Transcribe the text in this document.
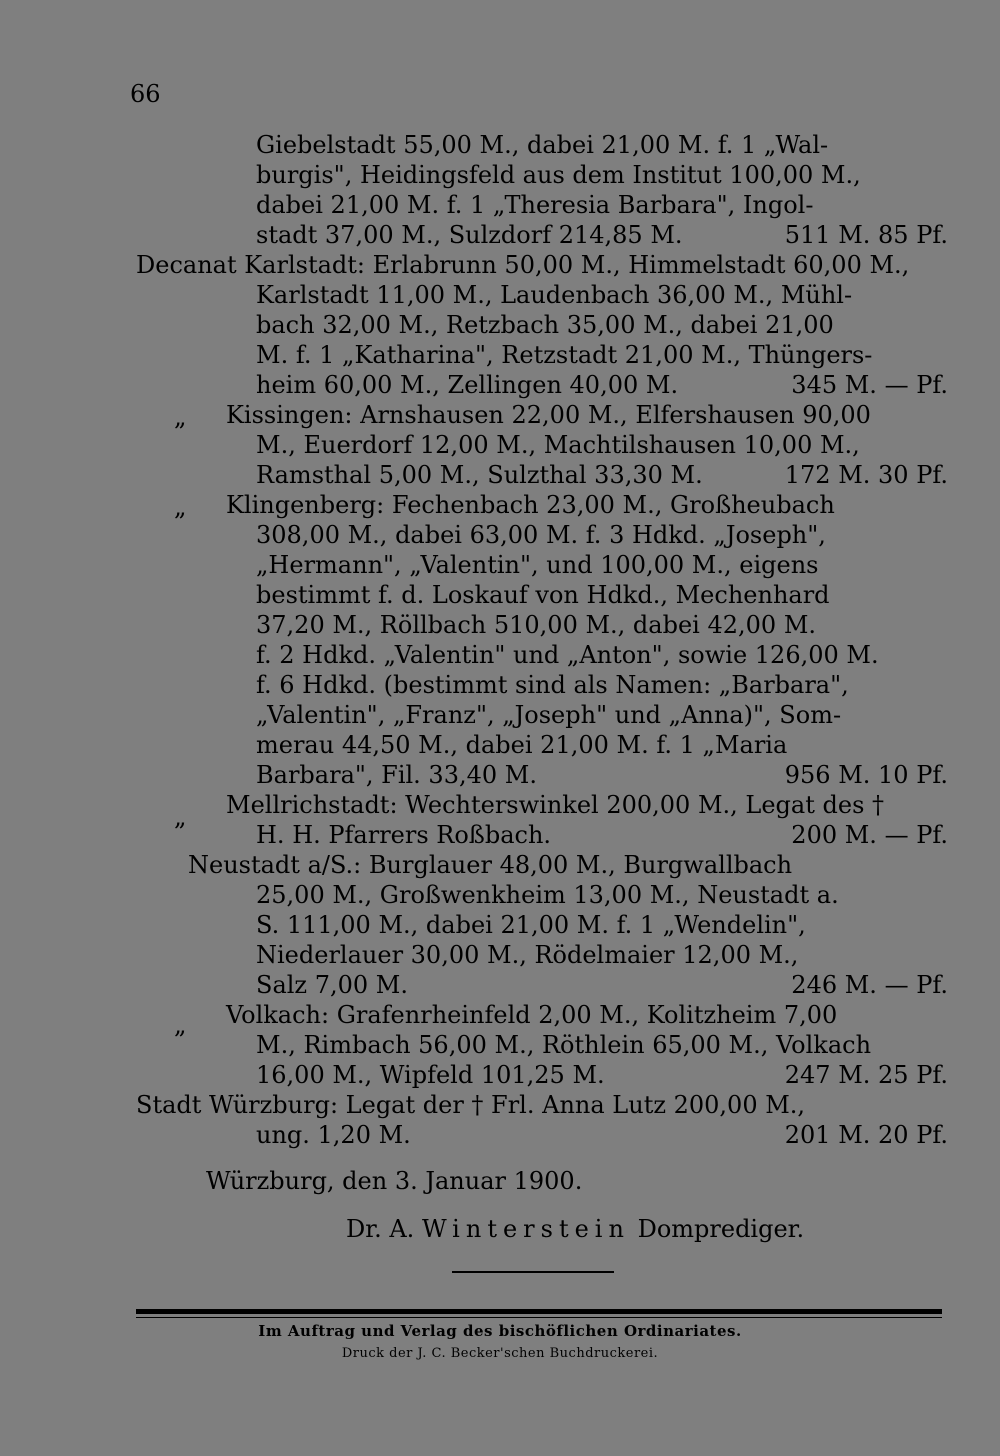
66
Giebelstadt 55,00 M., dabei 21,00 M. f. 1 „Wal-
burgis", Heidingsfeld aus dem Institut 100,00 M.,
dabei 21,00 M. f. 1 „Theresia Barbara", Ingol-
stadt 37,00 M., Sulzdorf 214,85 M.
Decanat Karlstadt: Erlabrunn 50,00 M., Himmelstadt 60,00 M.,
Karlstadt 11,00 M., Laudenbach 36,00 M., Mühl-
bach 32,00 M., Retzbach 35,00 M., dabei 21,00
M. f. 1 „Katharina", Retzstadt 21,00 M., Thüngers-
heim 60,00 M., Zellingen 40,00 M.
„ Kissingen: Arnshausen 22,00 M., Elfershausen 90,00
M., Euerdorf 12,00 M., Machtilshausen 10,00 M.,
Ramsthal 5,00 M., Sulzthal 33,30 M.
„ Klingenberg: Fechenbach 23,00 M., Großheubach
308,00 M., dabei 63,00 M. f. 3 Hdkd. „Joseph",
„Hermann", „Valentin", und 100,00 M., eigens
bestimmt f. d. Loskauf von Hdkd., Mechenhard
37,20 M., Röllbach 510,00 M., dabei 42,00 M.
f. 2 Hdkd. „Valentin" und „Anton", sowie 126,00 M.
f. 6 Hdkd. (bestimmt sind als Namen: „Barbara",
„Valentin", „Franz", „Joseph" und „Anna)", Som-
merau 44,50 M., dabei 21,00 M. f. 1 „Maria
Barbara", Fil. 33,40 M.
„ Mellrichstadt: Wechterswinkel 200,00 M., Legat des †
H. H. Pfarrers Roßbach.
Neustadt a/S.: Burglauer 48,00 M., Burgwallbach
25,00 M., Großwenkheim 13,00 M., Neustadt a.
S. 111,00 M., dabei 21,00 M. f. 1 „Wendelin",
Niederlauer 30,00 M., Rödelmaier 12,00 M.,
Salz 7,00 M.
„ Volkach: Grafenrheinfeld 2,00 M., Kolitzheim 7,00
M., Rimbach 56,00 M., Röthlein 65,00 M., Volkach
16,00 M., Wipfeld 101,25 M.
Stadt Würzburg: Legat der † Frl. Anna Lutz 200,00 M.,
ung. 1,20 M.
511 M. 85 Pf.
345 M. — Pf.
172 M. 30 Pf.
956 M. 10 Pf.
200 M. — Pf.
246 M. — Pf.
247 M. 25 Pf.
201 M. 20 Pf.
Würzburg, den 3. Januar 1900.
Dr. A. Winterstein Domprediger.
Im Auftrag und Verlag des bischöflichen Ordinariates.
Druck der J. C. Becker'schen Buchdruckerei.
